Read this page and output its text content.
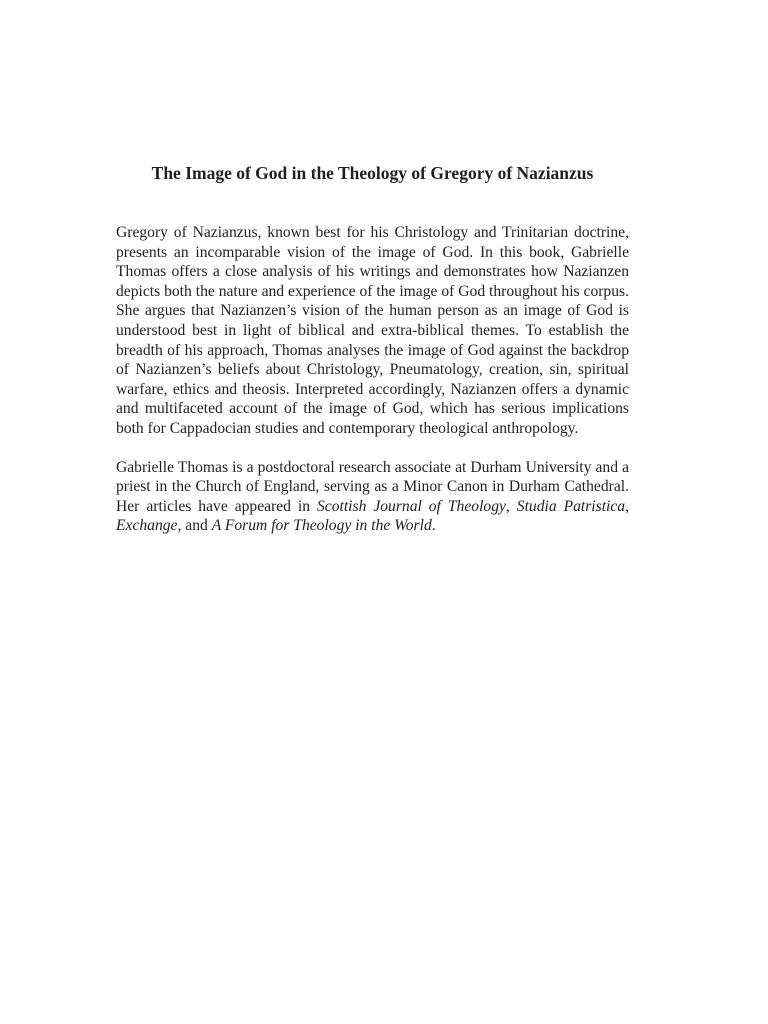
The Image of God in the Theology of Gregory of Nazianzus

Gregory of Nazianzus, known best for his Christology and Trinitarian doctrine, presents an incomparable vision of the image of God. In this book, Gabrielle Thomas offers a close analysis of his writings and demonstrates how Nazianzen depicts both the nature and experience of the image of God throughout his corpus. She argues that Nazianzen’s vision of the human person as an image of God is understood best in light of biblical and extra-biblical themes. To establish the breadth of his approach, Thomas analyses the image of God against the backdrop of Nazianzen’s beliefs about Christology, Pneumatology, creation, sin, spiritual warfare, ethics and theosis. Interpreted accordingly, Nazianzen offers a dynamic and multifaceted account of the image of God, which has serious implications both for Cappadocian studies and contemporary theological anthropology.

Gabrielle Thomas is a postdoctoral research associate at Durham University and a priest in the Church of England, serving as a Minor Canon in Durham Cathedral. Her articles have appeared in Scottish Journal of Theology, Studia Patristica, Exchange, and A Forum for Theology in the World.
